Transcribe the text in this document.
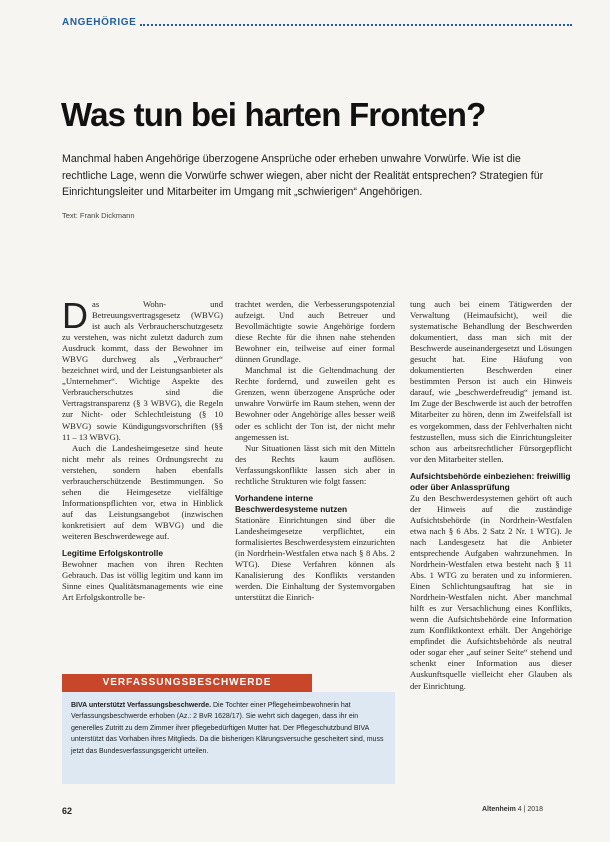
ANGEHÖRIGE
Was tun bei harten Fronten?

Manchmal haben Angehörige überzogene Ansprüche oder erheben unwahre Vorwürfe. Wie ist die rechtliche Lage, wenn die Vorwürfe schwer wiegen, aber nicht der Realität entsprechen? Strategien für Einrichtungsleiter und Mitarbeiter im Umgang mit „schwierigen“ Angehörigen.

Text: Frank Dickmann

Das Wohn- und Betreuungsvertragsgesetz (WBVG) ist auch als Verbraucherschutzgesetz zu verstehen, was nicht zuletzt dadurch zum Ausdruck kommt, dass der Bewohner im WBVG durchweg als „Verbraucher“ bezeichnet wird, und der Leistungsanbieter als „Unternehmer“. Wichtige Aspekte des Verbraucherschutzes sind die Vertragstransparenz (§ 3 WBVG), die Regeln zur Nicht- oder Schlechtleistung (§ 10 WBVG) sowie Kündigungsvorschriften (§§ 11 – 13 WBVG).

Auch die Landesheimgesetze sind heute nicht mehr als reines Ordnungsrecht zu verstehen, sondern haben ebenfalls verbraucherschützende Bestimmungen. So sehen die Heimgesetze vielfältige Informationspflichten vor, etwa in Hinblick auf das Leistungsangebot (inzwischen konkretisiert auf dem WBVG) und die weiteren Beschwerdewege auf.

Legitime Erfolgskontrolle

Bewohner machen von ihren Rechten Gebrauch. Das ist völlig legitim und kann im Sinne eines Qualitätsmanagements wie eine Art Erfolgskontrolle be-

trachtet werden, die Verbesserungspotenzial aufzeigt. Und auch Betreuer und Bevollmächtigte sowie Angehörige fordern diese Rechte für die ihnen nahe stehenden Bewohner ein, teilweise auf einer formal dünnen Grundlage.

Manchmal ist die Geltendmachung der Rechte fordernd, und zuweilen geht es Grenzen, wenn überzogene Ansprüche oder unwahre Vorwürfe im Raum stehen, wenn der Bewohner oder Angehörige alles besser weiß oder es schlicht der Ton ist, der nicht mehr angemessen ist.

Nur Situationen lässt sich mit den Mitteln des Rechts kaum auflösen. Verfassungskonflikte lassen sich aber in rechtliche Strukturen wie folgt fassen:

Vorhandene interne Beschwerdesysteme nutzen

Stationäre Einrichtungen sind über die Landesheimgesetze verpflichtet, ein formalisiertes Beschwerdesystem einzurichten (in Nordrhein-Westfalen etwa nach § 8 Abs. 2 WTG). Diese Verfahren können als Kanalisierung des Konflikts verstanden werden. Die Einhaltung der Systemvorgaben unterstützt die Einrich-

tung auch bei einem Tätigwerden der Verwaltung (Heimaufsicht), weil die systematische Behandlung der Beschwerden dokumentiert, dass man sich mit der Beschwerde auseinandergesetzt und Lösungen gesucht hat. Eine Häufung von dokumentierten Beschwerden einer bestimmten Person ist auch ein Hinweis darauf, wie „beschwerdefreudig“ jemand ist. Im Zuge der Beschwerde ist auch der betroffen Mitarbeiter zu hören, denn im Zweifelsfall ist es vorgekommen, dass der Fehlverhalten nicht festzustellen, muss sich die Einrichtungsleiter schon aus arbeitsrechtlicher Fürsorgepflicht vor den Mitarbeiter stellen.

Aufsichtsbehörde einbeziehen: freiwillig oder über Anlassprüfung

Zu den Beschwerdesystemen gehört oft auch der Hinweis auf die zuständige Aufsichtsbehörde (in Nordrhein-Westfalen etwa nach § 6 Abs. 2 Satz 2 Nr. 1 WTG). Je nach Landesgesetz hat die Anbieter entsprechende Aufgaben wahrzunehmen. In Nordrhein-Westfalen etwa besteht nach § 11 Abs. 1 WTG zu beraten und zu informieren. Einen Schlichtungsauftrag hat sie in Nordrhein-Westfalen nicht. Aber manchmal hilft es zur Versachlichung eines Konflikts, wenn die Aufsichtsbehörde eine Information zum Konfliktkontext erhält. Der Angehörige empfindet die Aufsichtsbehörde als neutral oder sogar eher „auf seiner Seite“ stehend und schenkt einer Information aus dieser Auskunftsquelle vielleicht eher Glauben als der Einrichtung.

VERFASSUNGSBESCHWERDE
BIVA unterstützt Verfassungsbeschwerde. Die Tochter einer Pflegeheimbewohnerin hat Verfassungsbeschwerde erhoben (Az.: 2 BvR 1628/17). Sie wehrt sich dagegen, dass ihr ein generelles Zutritt zu dem Zimmer ihrer pflegebedürftigen Mutter hat. Der Pflegeschutzbund BIVA unterstützt das Vorhaben ihres Mitglieds. Da die bisherigen Klärungsversuche gescheitert sind, muss jetzt das Bundesverfassungsgericht urteilen.
62	Altenheim 4 | 2018
